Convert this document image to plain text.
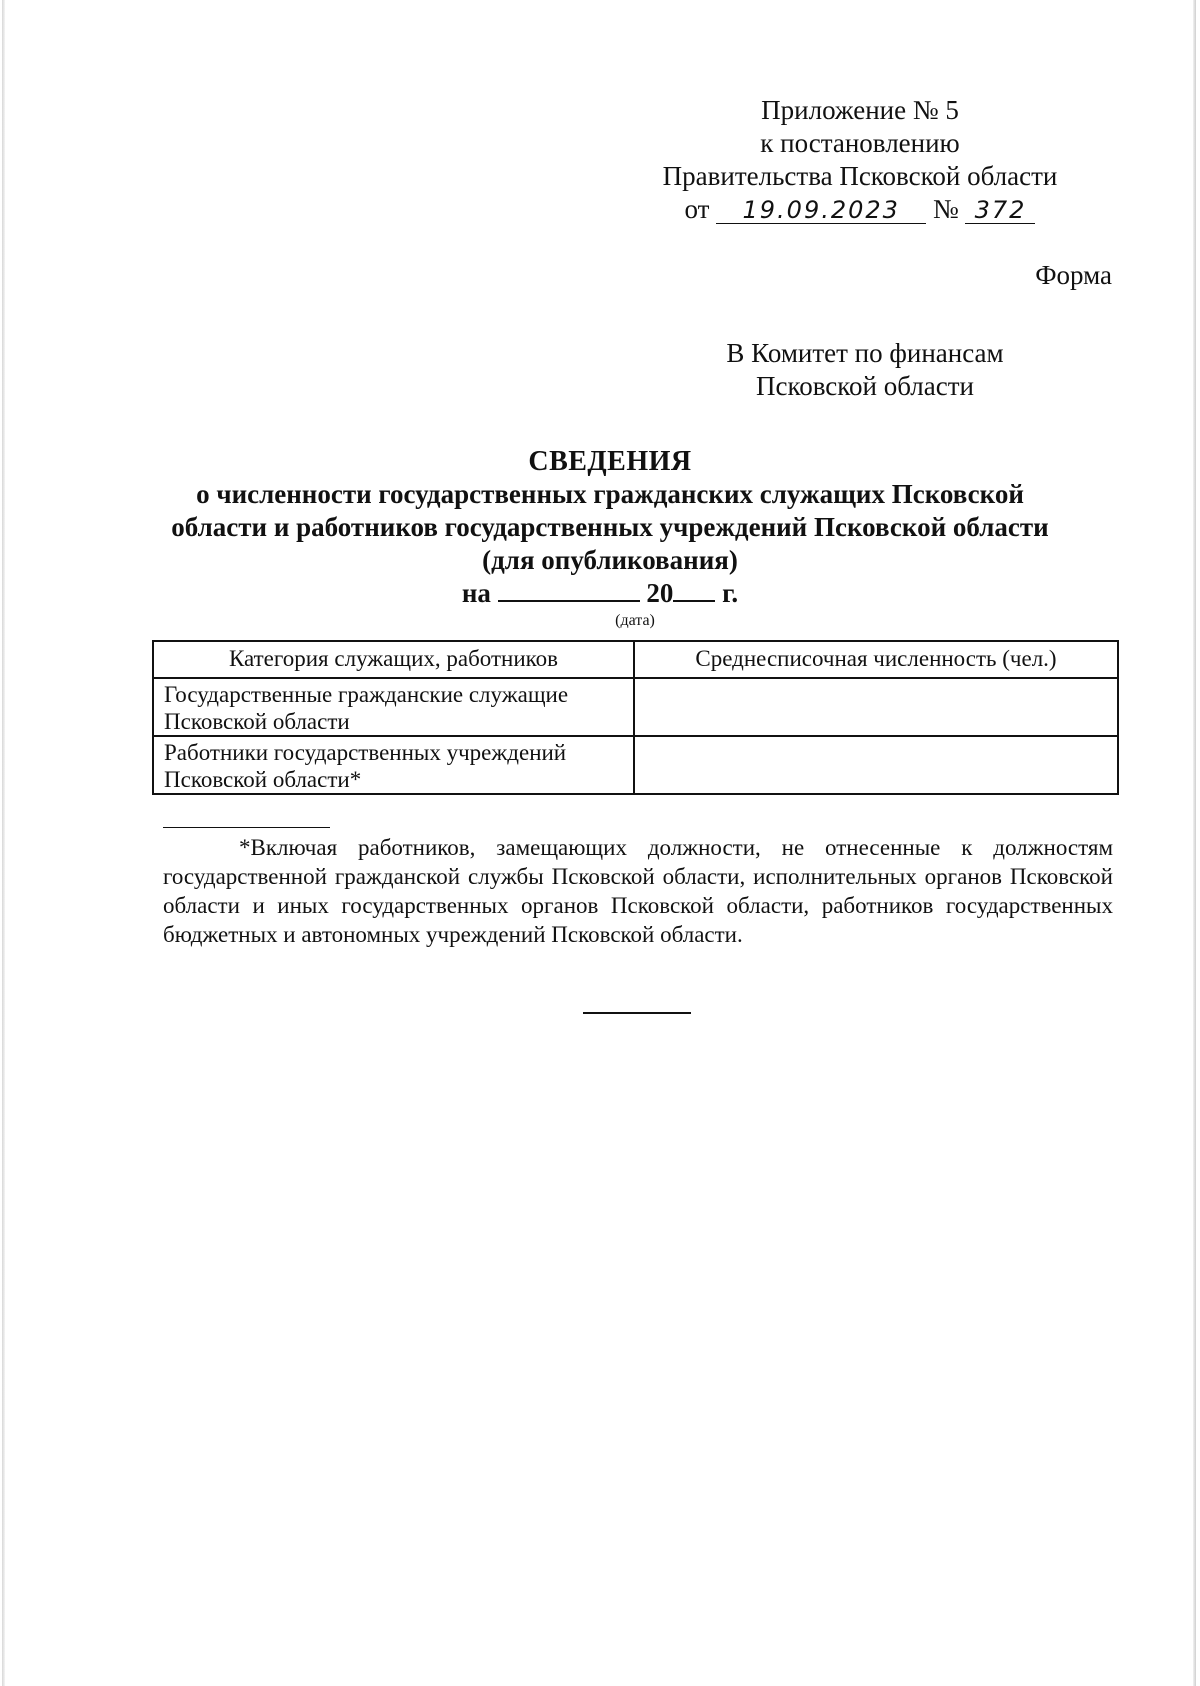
Приложение № 5
к постановлению
Правительства Псковской области
от 19.09.2023 № 372
Форма
В Комитет по финансам
Псковской области
СВЕДЕНИЯ
о численности государственных гражданских служащих Псковской
области и работников государственных учреждений Псковской области
(для опубликования)
на	20 г.
(дата)
Категория служащих, работников	Среднесписочная численность (чел.)
Государственные гражданские служащие Псковской области	
Работники государственных учреждений Псковской области*	
*Включая работников, замещающих должности, не отнесенные к должностям государственной гражданской службы Псковской области, исполнительных органов Псковской области и иных государственных органов Псковской области, работников государственных бюджетных и автономных учреждений Псковской области.
